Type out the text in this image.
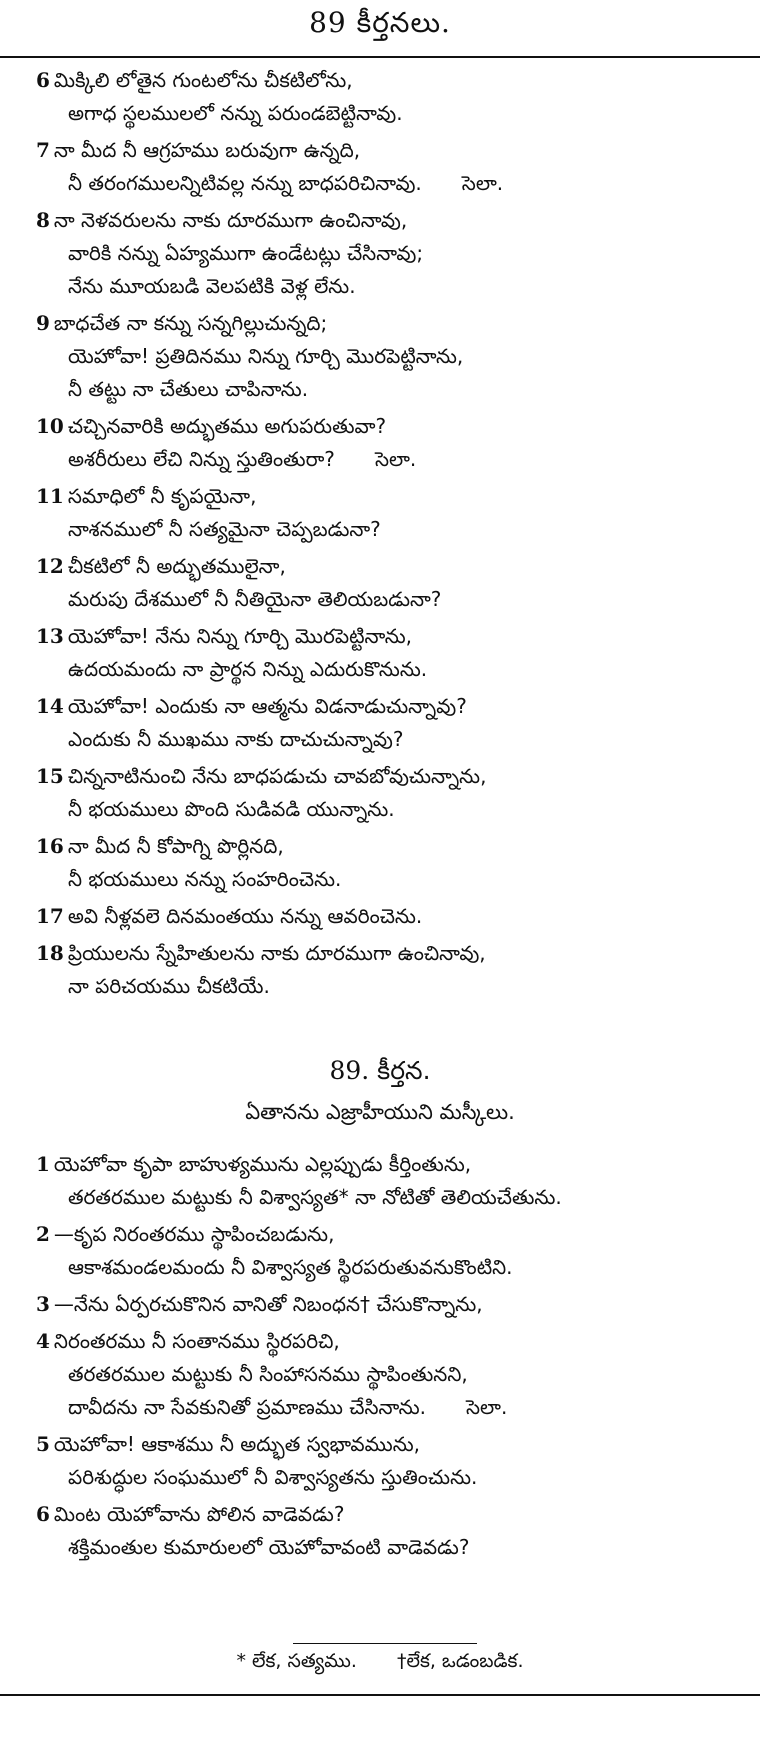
89 కీర్తనలు.
6 మిక్కిలి లోతైన గుంటలోను చీకటిలోను,
అగాధ స్థలములలో నన్ను పరుండబెట్టినావు.
7 నా మీద నీ ఆగ్రహము బరువుగా ఉన్నది,
నీ తరంగములన్నిటివల్ల నన్ను బాధపరిచినావు. సెలా.
8 నా నెళవరులను నాకు దూరముగా ఉంచినావు,
వారికి నన్ను ఏహ్యముగా ఉండేటట్లు చేసినావు;
నేను మూయబడి వెలపటికి వెళ్ల లేను.
9 బాధచేత నా కన్ను సన్నగిల్లుచున్నది;
యెహోవా! ప్రతిదినము నిన్ను గూర్చి మొరపెట్టినాను,
నీ తట్టు నా చేతులు చాపినాను.
10 చచ్చినవారికి అద్భుతము అగుపరుతువా?
అశరీరులు లేచి నిన్ను స్తుతింతురా? సెలా.
11 సమాధిలో నీ కృపయైనా,
నాశనములో నీ సత్యమైనా చెప్పబడునా?
12 చీకటిలో నీ అద్భుతములైనా,
మరుపు దేశములో నీ నీతియైనా తెలియబడునా?
13 యెహోవా! నేను నిన్ను గూర్చి మొరపెట్టినాను,
ఉదయమందు నా ప్రార్థన నిన్ను ఎదురుకొనును.
14 యెహోవా! ఎందుకు నా ఆత్మను విడనాడుచున్నావు?
ఎందుకు నీ ముఖము నాకు దాచుచున్నావు?
15 చిన్ననాటినుంచి నేను బాధపడుచు చావబోవుచున్నాను,
నీ భయములు పొంది సుడివడి యున్నాను.
16 నా మీద నీ కోపాగ్ని పొర్లినది,
నీ భయములు నన్ను సంహరించెను.
17 అవి నీళ్లవలె దినమంతయు నన్ను ఆవరించెను.
18 ప్రియులను స్నేహితులను నాకు దూరముగా ఉంచినావు,
నా పరిచయము చీకటియే.
89. కీర్తన.
ఏతానను ఎజ్రాహీయుని మస్కీలు.
1 యెహోవా కృపా బాహుళ్యమును ఎల్లప్పుడు కీర్తింతును,
తరతరముల మట్టుకు నీ విశ్వాస్యత* నా నోటితో తెలియచేతును.
2 —కృప నిరంతరము స్థాపించబడును,
ఆకాశమండలమందు నీ విశ్వాస్యత స్థిరపరుతువనుకొంటిని.
3 —నేను ఏర్పరచుకొనిన వానితో నిబంధన† చేసుకొన్నాను,
4 నిరంతరము నీ సంతానము స్థిరపరిచి,
తరతరముల మట్టుకు నీ సింహాసనము స్థాపింతునని,
దావీదను నా సేవకునితో ప్రమాణము చేసినాను. సెలా.
5 యెహోవా! ఆకాశము నీ అద్భుత స్వభావమును,
పరిశుద్ధుల సంఘములో నీ విశ్వాస్యతను స్తుతించును.
6 మింట యెహోవాను పోలిన వాడెవడు?
శక్తిమంతుల కుమారులలో యెహోవావంటి వాడెవడు?
* లేక, సత్యము. †లేక, ఒడంబడిక.
